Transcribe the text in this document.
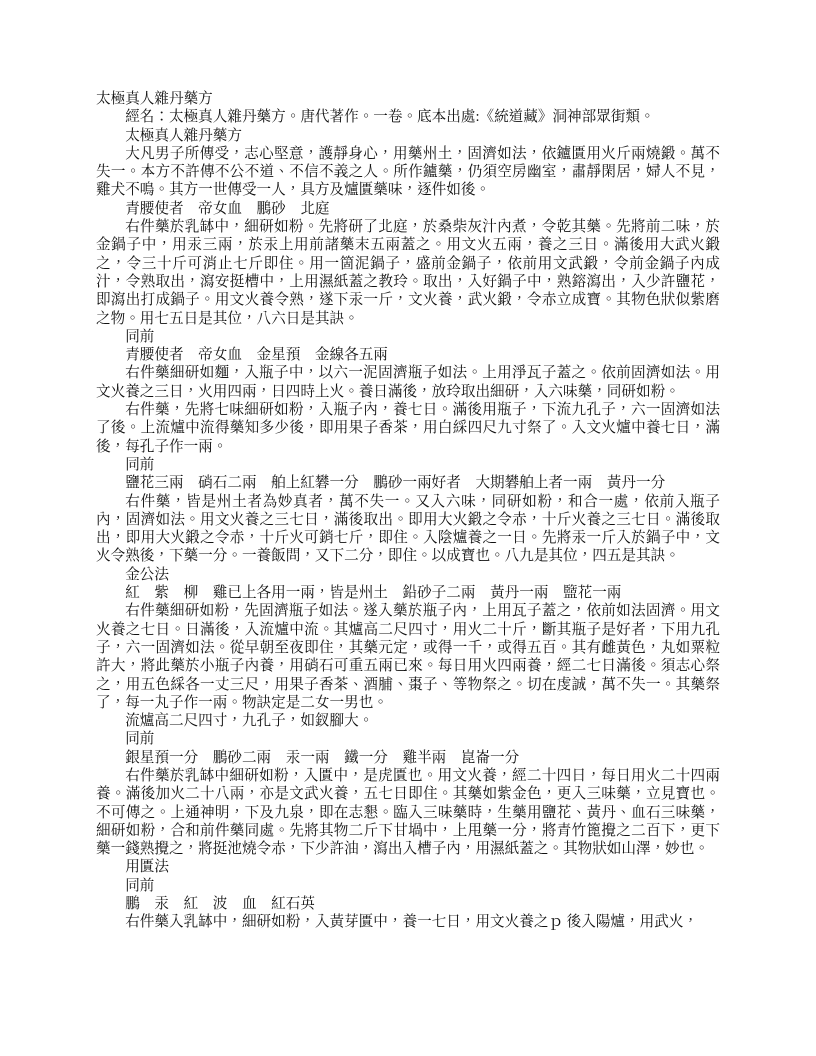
太極真人雜丹藥方

經名：太極真人雜丹藥方。唐代著作。一卷。底本出處:《統道藏》洞神部眾街類。

太極真人雜丹藥方

大凡男子所傳受，志心堅意，護靜身心，用藥州土，固濟如法，依鑪匱用火斤兩燒鍛。萬不失一。本方不許傳不公不道、不信不義之人。所作鑪藥，仍須空房幽室，肅靜閑居，婦人不見，雞犬不鳴。其方一世傳受一人，具方及爐匱藥味，逐件如後。

青腰使者　帝女血　鵬砂　北庭

右件藥於乳缽中，細研如粉。先將研了北庭，於桑柴灰汁內煮，令乾其藥。先將前二味，於金鍋子中，用汞三兩，於汞上用前諸藥末五兩蓋之。用文火五兩，養之三日。滿後用大武火鍛之，令三十斤可消止七斤即住。用一箇泥鍋子，盛前金鍋子，依前用文武鍛，令前金鍋子內成汁，令熟取出，瀉安挺槽中，上用濕紙蓋之教玲。取出，入好鍋子中，熟鎔瀉出，入少許鹽花，即瀉出打成鍋子。用文火養令熟，遂下汞一斤，文火養，武火鍛，令赤立成寶。其物色狀似紫磨之物。用七五日是其位，八六日是其訣。

同前

青腰使者　帝女血　金星預　金線各五兩

右件藥細研如麵，入瓶子中，以六一泥固濟瓶子如法。上用淨瓦子蓋之。依前固濟如法。用文火養之三日，火用四兩，日四時上火。養日滿後，放玲取出細研，入六味藥，同研如粉。

右件藥，先將七味細研如粉，入瓶子內，養七日。滿後用瓶子，下流九孔子，六一固濟如法了後。上流爐中流得藥知多少後，即用果子香茶，用白綵四尺九寸祭了。入文火爐中養七日，滿後，每孔子作一兩。

同前

鹽花三兩　硝石二兩　舶上紅礬一分　鵬砂一兩好者　大期礬舶上者一兩　黃丹一分

右件藥，皆是州土者為妙真者，萬不失一。又入六味，同研如粉，和合一處，依前入瓶子內，固濟如法。用文火養之三七日，滿後取出。即用大火鍛之令赤，十斤火養之三七日。滿後取出，即用大火鍛之令赤，十斤火可銷七斤，即住。入陰爐養之一日。先將汞一斤入於鍋子中，文火令熟後，下藥一分。一養飯問，又下二分，即住。以成寶也。八九是其位，四五是其訣。

金公法

紅　紫　柳　雞已上各用一兩，皆是州土　鉛砂子二兩　黃丹一兩　盬花一兩

右件藥細研如粉，先固濟瓶子如法。遂入藥於瓶子內，上用瓦子蓋之，依前如法固濟。用文火養之七日。日滿後，入流爐中流。其爐高二尺四寸，用火二十斤，斷其瓶子是好者，下用九孔子，六一固濟如法。從早朝至夜即住，其藥元定，或得一千，或得五百。其有雌黃色，丸如粟粒許大，將此藥於小瓶子內養，用硝石可重五兩已來。每日用火四兩養，經二七日滿後。須志心祭之，用五色綵各一丈三尺，用果子香茶、酒脯、棗子、等物祭之。切在虔誠，萬不失一。其藥祭了，每一丸子作一兩。物訣定是二女一男也。

流爐高二尺四寸，九孔子，如釵腳大。

同前

銀星預一分　鵬砂二兩　汞一兩　鐵一分　雞半兩　崑崙一分

右件藥於乳缽中細研如粉，入匱中，是虎匱也。用文火養，經二十四日，每日用火二十四兩養。滿後加火二十八兩，亦是文武火養，五七日即住。其藥如紫金色，更入三味藥，立見寶也。不可傳之。上通神明，下及九泉，即在志懇。臨入三味藥時，生藥用鹽花、黃丹、血石三味藥，細研如粉，合和前件藥同處。先將其物二斤下甘堝中，上甩藥一分，將青竹篦攪之二百下，更下藥一錢熟攪之，將挺池燒令赤，下少許油，瀉出入槽子內，用濕紙蓋之。其物狀如山澤，妙也。

用匱法

同前

鵬　汞　紅　波　血　紅石英

右件藥入乳缽中，細研如粉，入黃芽匱中，養一七日，用文火養之ｐ 後入陽爐，用武火，
